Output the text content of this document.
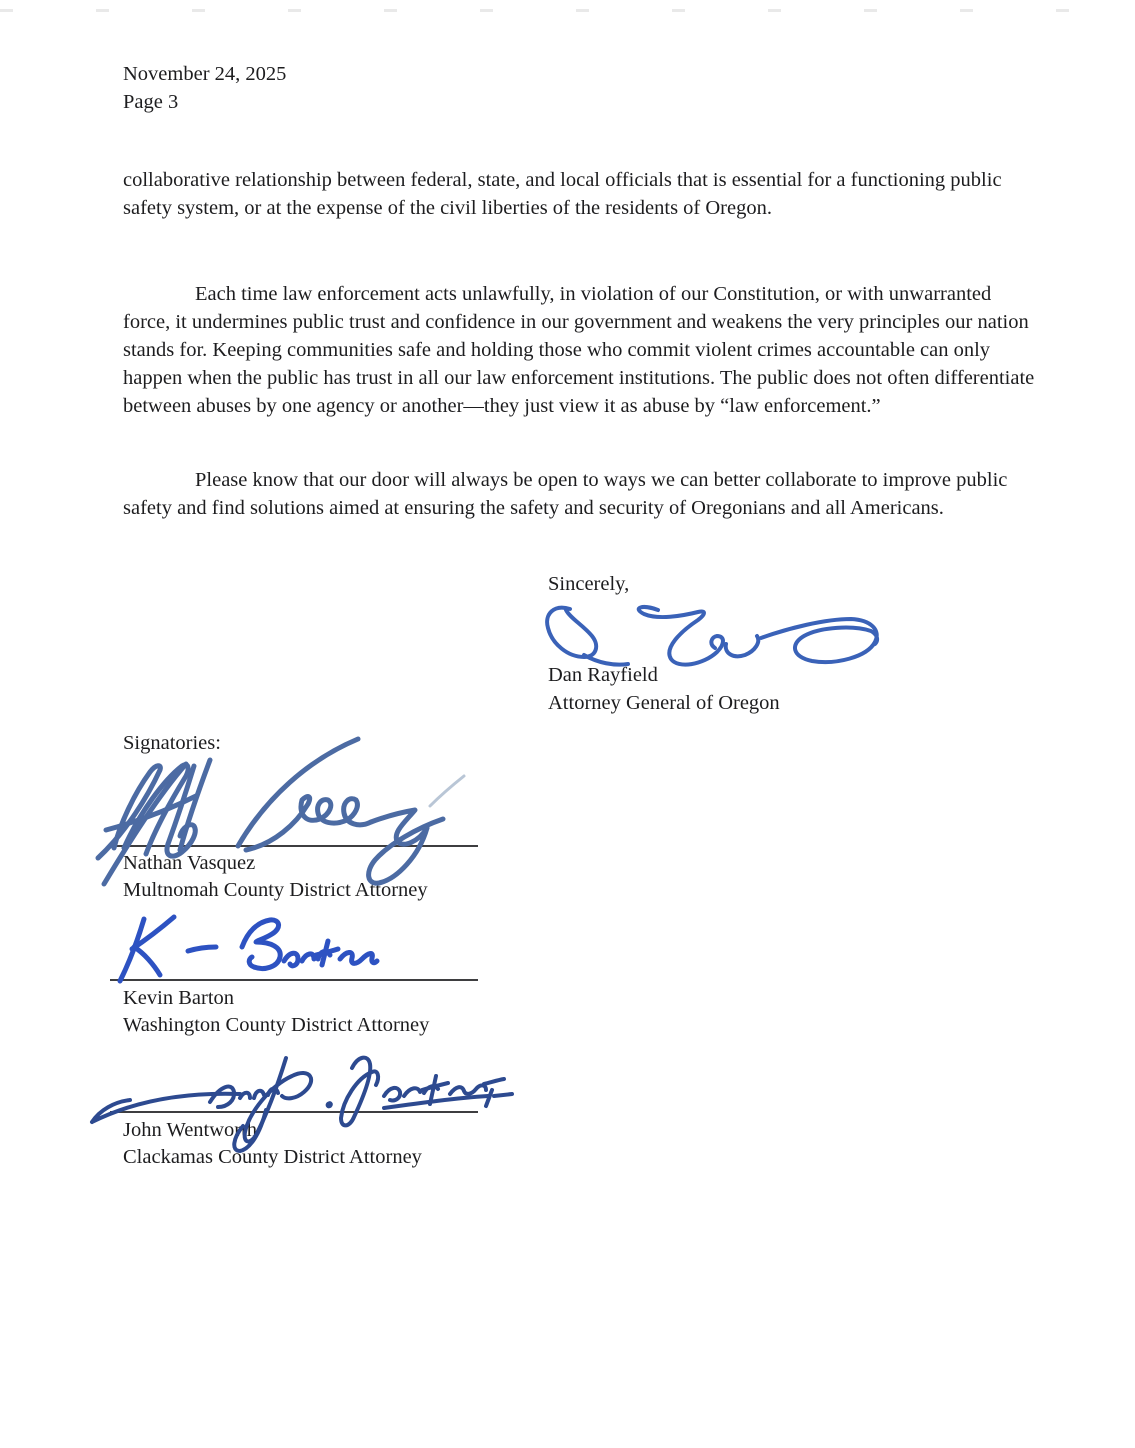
November 24, 2025
Page 3

collaborative relationship between federal, state, and local officials that is essential for a functioning public safety system, or at the expense of the civil liberties of the residents of Oregon.

Each time law enforcement acts unlawfully, in violation of our Constitution, or with unwarranted force, it undermines public trust and confidence in our government and weakens the very principles our nation stands for. Keeping communities safe and holding those who commit violent crimes accountable can only happen when the public has trust in all our law enforcement institutions. The public does not often differentiate between abuses by one agency or another—they just view it as abuse by “law enforcement.”

Please know that our door will always be open to ways we can better collaborate to improve public safety and find solutions aimed at ensuring the safety and security of Oregonians and all Americans.

Sincerely,
Dan Rayfield
Attorney General of Oregon
Signatories:
Nathan Vasquez
Multnomah County District Attorney
Kevin Barton
Washington County District Attorney
John Wentworth
Clackamas County District Attorney
